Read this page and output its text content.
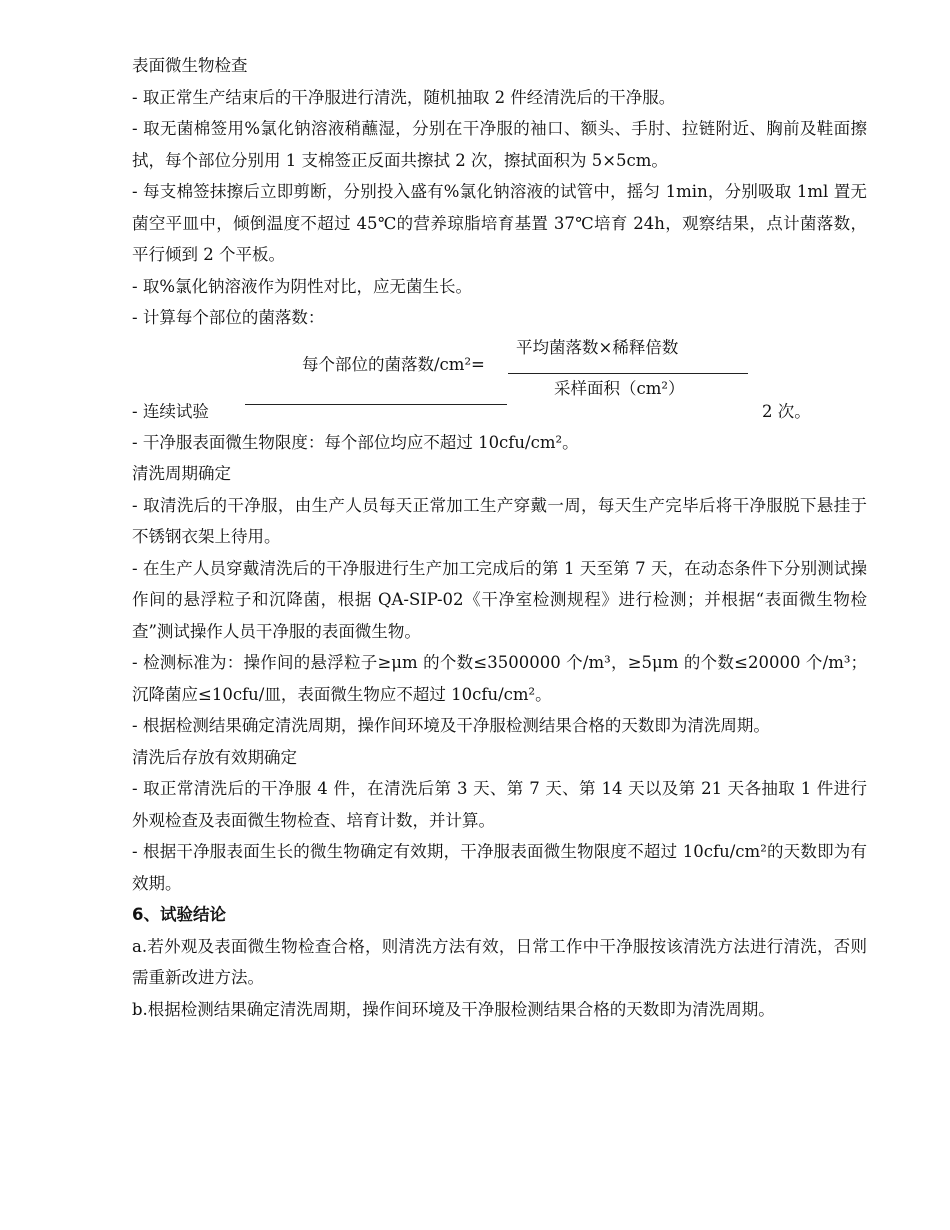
表面微生物检查

- 取正常生产结束后的干净服进行清洗，随机抽取 2 件经清洗后的干净服。

- 取无菌棉签用%氯化钠溶液稍蘸湿，分别在干净服的袖口、额头、手肘、拉链附近、胸前及鞋面擦拭，每个部位分别用 1 支棉签正反面共擦拭 2 次，擦拭面积为 5×5cm。

- 每支棉签抹擦后立即剪断，分别投入盛有%氯化钠溶液的试管中，摇匀 1min，分别吸取 1ml 置无菌空平皿中，倾倒温度不超过 45℃的营养琼脂培育基置 37℃培育 24h，观察结果，点计菌落数，平行倾到 2 个平板。

- 取%氯化钠溶液作为阴性对比，应无菌生长。

- 计算每个部位的菌落数：

每个部位的菌落数/cm²=
平均菌落数×稀释倍数
采样面积（cm²）
- 连续试验	2 次。

- 干净服表面微生物限度：每个部位均应不超过 10cfu/cm²。

清洗周期确定

- 取清洗后的干净服，由生产人员每天正常加工生产穿戴一周，每天生产完毕后将干净服脱下悬挂于不锈钢衣架上待用。

- 在生产人员穿戴清洗后的干净服进行生产加工完成后的第 1 天至第 7 天，在动态条件下分别测试操作间的悬浮粒子和沉降菌，根据 QA-SIP-02《干净室检测规程》进行检测；并根据“表面微生物检查”测试操作人员干净服的表面微生物。

- 检测标准为：操作间的悬浮粒子≥μm 的个数≤3500000 个/m³，≥5μm 的个数≤20000 个/m³；沉降菌应≤10cfu/皿，表面微生物应不超过 10cfu/cm²。

- 根据检测结果确定清洗周期，操作间环境及干净服检测结果合格的天数即为清洗周期。

清洗后存放有效期确定

- 取正常清洗后的干净服 4 件，在清洗后第 3 天、第 7 天、第 14 天以及第 21 天各抽取 1 件进行外观检查及表面微生物检查、培育计数，并计算。

- 根据干净服表面生长的微生物确定有效期，干净服表面微生物限度不超过 10cfu/cm²的天数即为有效期。

6、试验结论

a.若外观及表面微生物检查合格，则清洗方法有效，日常工作中干净服按该清洗方法进行清洗，否则需重新改进方法。

b.根据检测结果确定清洗周期，操作间环境及干净服检测结果合格的天数即为清洗周期。
